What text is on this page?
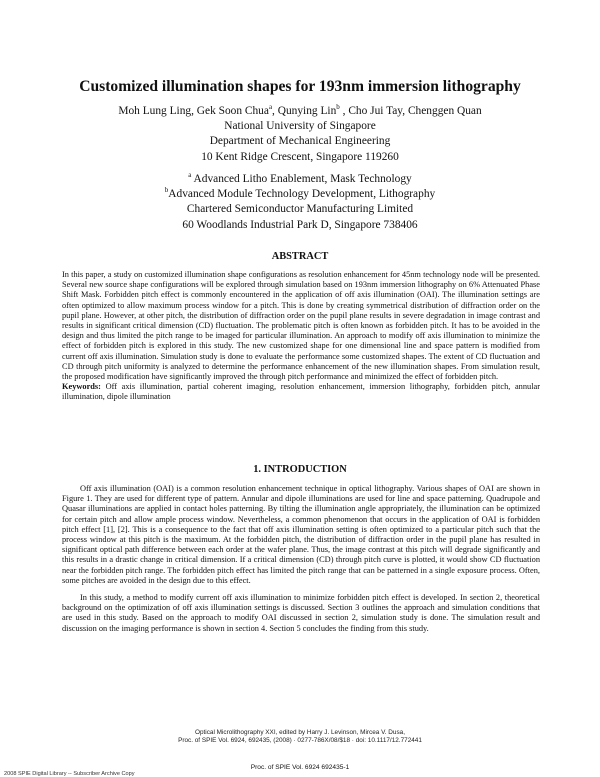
Customized illumination shapes for 193nm immersion lithography
Moh Lung Ling, Gek Soon Chua$^a$, Qunying Lin$^b$ , Cho Jui Tay, Chenggen Quan
National University of Singapore
Department of Mechanical Engineering
10 Kent Ridge Crescent, Singapore 119260
$^a$ Advanced Litho Enablement, Mask Technology
$^b$Advanced Module Technology Development, Lithography
Chartered Semiconductor Manufacturing Limited
60 Woodlands Industrial Park D, Singapore 738406
ABSTRACT

In this paper, a study on customized illumination shape configurations as resolution enhancement for 45nm technology node will be presented. Several new source shape configurations will be explored through simulation based on 193nm immersion lithography on 6% Attenuated Phase Shift Mask. Forbidden pitch effect is commonly encountered in the application of off axis illumination (OAI). The illumination settings are often optimized to allow maximum process window for a pitch. This is done by creating symmetrical distribution of diffraction order on the pupil plane. However, at other pitch, the distribution of diffraction order on the pupil plane results in severe degradation in image contrast and results in significant critical dimension (CD) fluctuation. The problematic pitch is often known as forbidden pitch. It has to be avoided in the design and thus limited the pitch range to be imaged for particular illumination. An approach to modify off axis illumination to minimize the effect of forbidden pitch is explored in this study. The new customized shape for one dimensional line and space pattern is modified from current off axis illumination. Simulation study is done to evaluate the performance some customized shapes. The extent of CD fluctuation and CD through pitch uniformity is analyzed to determine the performance enhancement of the new illumination shapes. From simulation result, the proposed modification have significantly improved the through pitch performance and minimized the effect of forbidden pitch.

Keywords: Off axis illumination, partial coherent imaging, resolution enhancement, immersion lithography, forbidden pitch, annular illumination, dipole illumination

1. INTRODUCTION

Off axis illumination (OAI) is a common resolution enhancement technique in optical lithography. Various shapes of OAI are shown in Figure 1. They are used for different type of pattern. Annular and dipole illuminations are used for line and space patterning. Quadrupole and Quasar illuminations are applied in contact holes patterning. By tilting the illumination angle appropriately, the illumination can be optimized for certain pitch and allow ample process window. Nevertheless, a common phenomenon that occurs in the application of OAI is forbidden pitch effect [1], [2]. This is a consequence to the fact that off axis illumination setting is often optimized to a particular pitch such that the process window at this pitch is the maximum. At the forbidden pitch, the distribution of diffraction order in the pupil plane has resulted in significant optical path difference between each order at the wafer plane. Thus, the image contrast at this pitch will degrade significantly and this results in a drastic change in critical dimension. If a critical dimension (CD) through pitch curve is plotted, it would show CD fluctuation near the forbidden pitch range. The forbidden pitch effect has limited the pitch range that can be patterned in a single exposure process. Often, some pitches are avoided in the design due to this effect.

In this study, a method to modify current off axis illumination to minimize forbidden pitch effect is developed. In section 2, theoretical background on the optimization of off axis illumination settings is discussed. Section 3 outlines the approach and simulation conditions that are used in this study. Based on the approach to modify OAI discussed in section 2, simulation study is done. The simulation result and discussion on the imaging performance is shown in section 4. Section 5 concludes the finding from this study.

Optical Microlithography XXI, edited by Harry J. Levinson, Mircea V. Dusa,
Proc. of SPIE Vol. 6924, 692435, (2008) · 0277-786X/08/$18 · doi: 10.1117/12.772441
Proc. of SPIE Vol. 6924 692435-1
2008 SPIE Digital Library -- Subscriber Archive Copy
